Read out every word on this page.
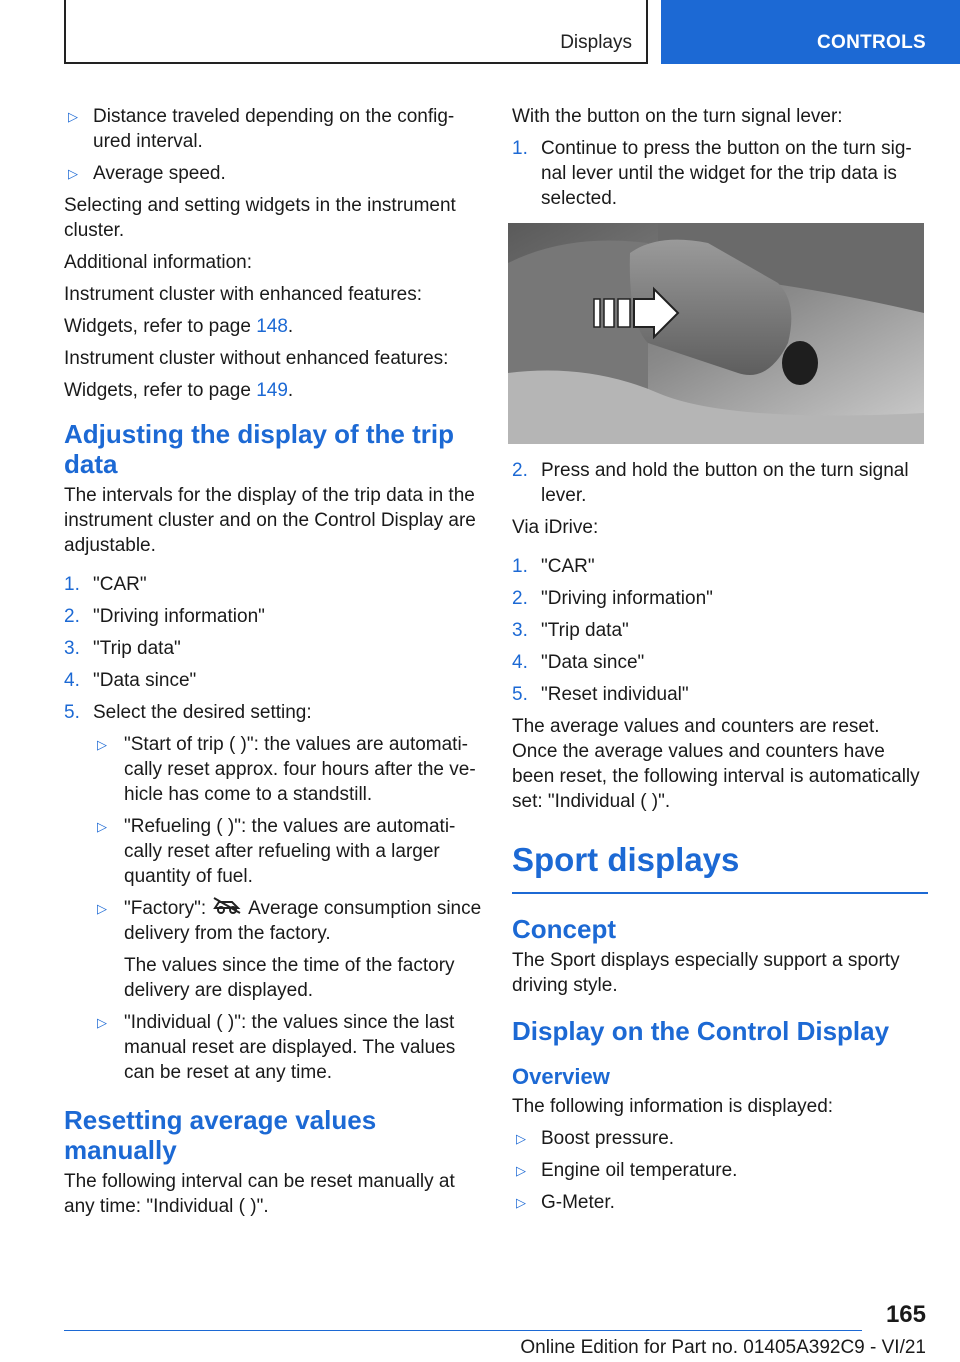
Displays	CONTROLS
▷ Distance traveled depending on the config-
ured interval.
▷ Average speed.

Selecting and setting widgets in the instrument cluster.

Additional information:

Instrument cluster with enhanced features:

Widgets, refer to page 148.

Instrument cluster without enhanced features:

Widgets, refer to page 149.

Adjusting the display of the trip data

The intervals for the display of the trip data in the instrument cluster and on the Control Display are adjustable.

1. "CAR"
2. "Driving information"
3. "Trip data"
4. "Data since"
5. Select the desired setting:
▷ "Start of trip ( )": the values are automati-cally reset approx. four hours after the ve-hicle has come to a standstill.
▷ "Refueling ( )": the values are automati-cally reset after refueling with a larger quantity of fuel.
▷ "Factory": Average consumption since delivery from the factory.

The values since the time of the factory delivery are displayed.

▷ "Individual ( )": the values since the last manual reset are displayed. The values can be reset at any time.
Resetting average values manually

The following interval can be reset manually at any time: "Individual ( )".

With the button on the turn signal lever:

1. Continue to press the button on the turn sig-nal lever until the widget for the trip data is selected.
2. Press and hold the button on the turn signal lever.

Via iDrive:

1. "CAR"
2. "Driving information"
3. "Trip data"
4. "Data since"
5. "Reset individual"

The average values and counters are reset. Once the average values and counters have been reset, the following interval is automatically set: "Individual ( )".

Sport displays
Concept

The Sport displays especially support a sporty driving style.

Display on the Control Display
Overview

The following information is displayed:

▷ Boost pressure.
▷ Engine oil temperature.
▷ G-Meter.
165
Online Edition for Part no. 01405A392C9 - VI/21
